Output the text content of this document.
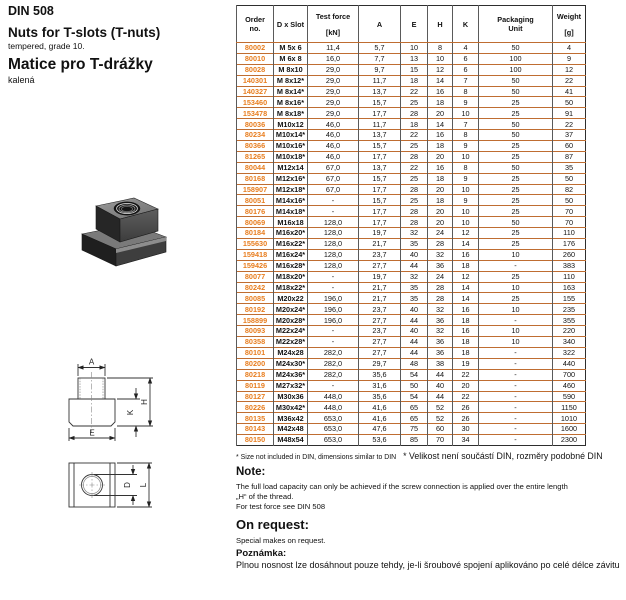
DIN 508
Nuts for T-slots (T-nuts)
tempered, grade 10.
Matice pro T-drážky
kalená
A
E
K
H
D L
Order
no.	D x Slot

Test force
[kN]

A	E	H	K	Packaging
Unit

Weight
[g]

80002	M 5x 6	11,4	5,7	10	8	4	50	4
80010	M 6x 8	16,0	7,7	13	10	6	100	9
80028	M 8x10	29,0	9,7	15	12	6	100	12
140301	M 8x12*	29,0	11,7	18	14	7	50	22
140327	M 8x14*	29,0	13,7	22	16	8	50	41
153460	M 8x16*	29,0	15,7	25	18	9	25	50
153478	M 8x18*	29,0	17,7	28	20	10	25	91
80036	M10x12	46,0	11,7	18	14	7	50	22
80234	M10x14*	46,0	13,7	22	16	8	50	37
80366	M10x16*	46,0	15,7	25	18	9	25	60
81265	M10x18*	46,0	17,7	28	20	10	25	87
80044	M12x14	67,0	13,7	22	16	8	50	35
80168	M12x16*	67,0	15,7	25	18	9	25	50
158907	M12x18*	67,0	17,7	28	20	10	25	82
80051	M14x16*	-	15,7	25	18	9	25	50
80176	M14x18*	-	17,7	28	20	10	25	70
80069	M16x18	128,0	17,7	28	20	10	50	70
80184	M16x20*	128,0	19,7	32	24	12	25	110
155630	M16x22*	128,0	21,7	35	28	14	25	176
159418	M16x24*	128,0	23,7	40	32	16	10	260
159426	M16x28*	128,0	27,7	44	36	18	-	383
80077	M18x20*	-	19,7	32	24	12	25	110
80242	M18x22*	-	21,7	35	28	14	10	163
80085	M20x22	196,0	21,7	35	28	14	25	155
80192	M20x24*	196,0	23,7	40	32	16	10	235
158899	M20x28*	196,0	27,7	44	36	18	-	355
80093	M22x24*	-	23,7	40	32	16	10	220
80358	M22x28*	-	27,7	44	36	18	10	340
80101	M24x28	282,0	27,7	44	36	18	-	322
80200	M24x30*	282,0	29,7	48	38	19	-	440
80218	M24x36*	282,0	35,6	54	44	22	-	700
80119	M27x32*	-	31,6	50	40	20	-	460
80127	M30x36	448,0	35,6	54	44	22	-	590
80226	M30x42*	448,0	41,6	65	52	26	-	1150
80135	M36x42	653,0	41,6	65	52	26	-	1010
80143	M42x48	653,0	47,6	75	60	30	-	1600
80150	M48x54	653,0	53,6	85	70	34	-	2300
* Size not included in DIN, dimensions similar to DIN * Velikost není součástí DIN, rozměry podobné DIN
Note:
The full load capacity can only be achieved if the screw connection is applied over the entire length
„H“ of the thread.
For test force see DIN 508
On request:
Special makes on request.
Poznámka:
Plnou nosnost lze dosáhnout pouze tehdy, je-li šroubové spojení aplikováno po celé délce závitu
